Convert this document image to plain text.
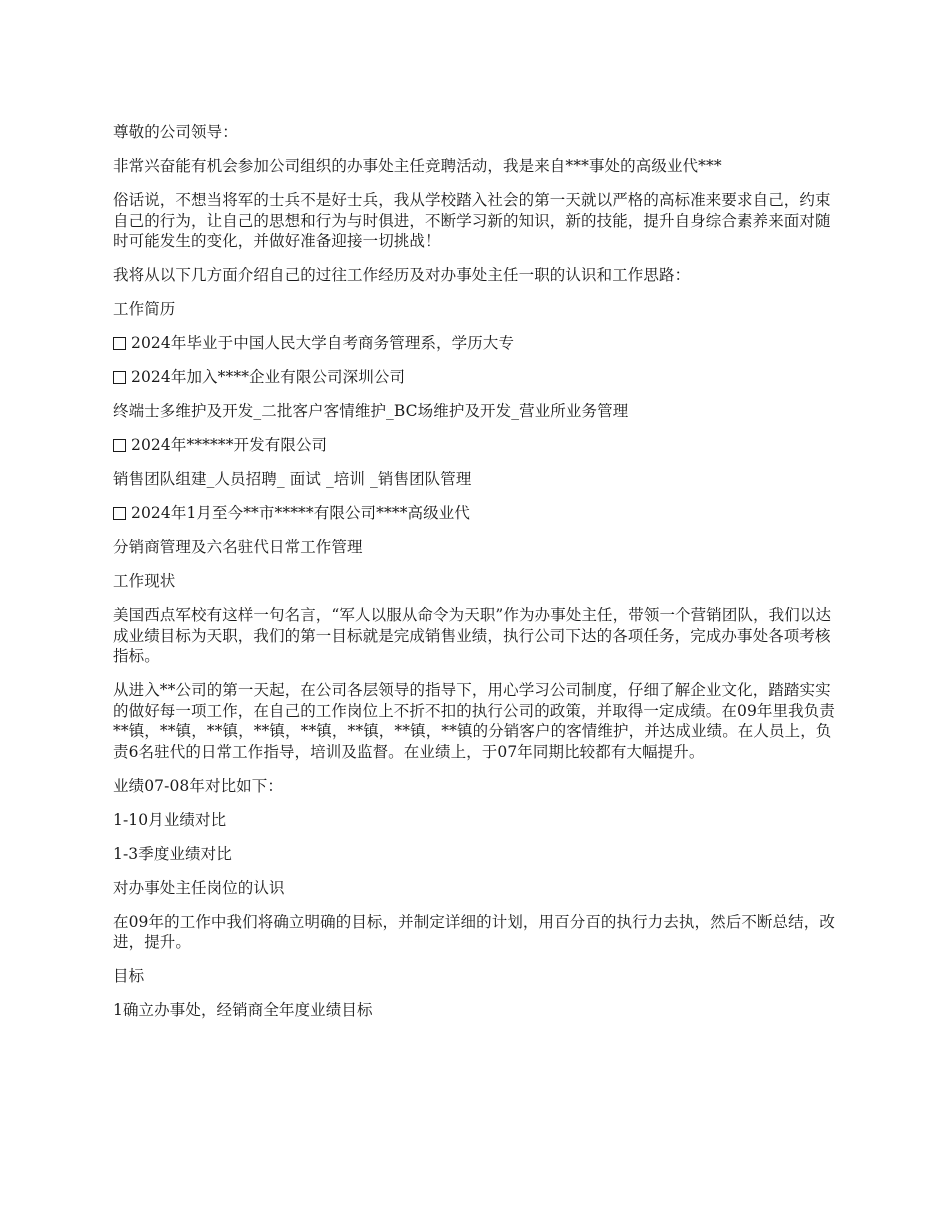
尊敬的公司领导：

非常兴奋能有机会参加公司组织的办事处主任竞聘活动，我是来自***事处的高级业代***

俗话说，不想当将军的士兵不是好士兵，我从学校踏入社会的第一天就以严格的高标准来要求自己，约束自己的行为，让自己的思想和行为与时俱进，不断学习新的知识，新的技能，提升自身综合素养来面对随时可能发生的变化，并做好准备迎接一切挑战！

我将从以下几方面介绍自己的过往工作经历及对办事处主任一职的认识和工作思路：

工作简历

2024年毕业于中国人民大学自考商务管理系，学历大专
2024年加入****企业有限公司深圳公司

终端士多维护及开发_二批客户客情维护_BC场维护及开发_营业所业务管理

2024年******开发有限公司

销售团队组建_人员招聘_ 面试 _培训 _销售团队管理

2024年1月至今**市*****有限公司****高级业代

分销商管理及六名驻代日常工作管理

工作现状

美国西点军校有这样一句名言，“军人以服从命令为天职”作为办事处主任，带领一个营销团队，我们以达成业绩目标为天职，我们的第一目标就是完成销售业绩，执行公司下达的各项任务，完成办事处各项考核指标。

从进入**公司的第一天起，在公司各层领导的指导下，用心学习公司制度，仔细了解企业文化，踏踏实实的做好每一项工作，在自己的工作岗位上不折不扣的执行公司的政策，并取得一定成绩。在09年里我负责**镇，**镇，**镇，**镇，**镇，**镇，**镇，**镇的分销客户的客情维护，并达成业绩。在人员上，负责6名驻代的日常工作指导，培训及监督。在业绩上，于07年同期比较都有大幅提升。

业绩07-08年对比如下：

1-10月业绩对比

1-3季度业绩对比

对办事处主任岗位的认识

在09年的工作中我们将确立明确的目标，并制定详细的计划，用百分百的执行力去执，然后不断总结，改进，提升。

目标

1确立办事处，经销商全年度业绩目标
